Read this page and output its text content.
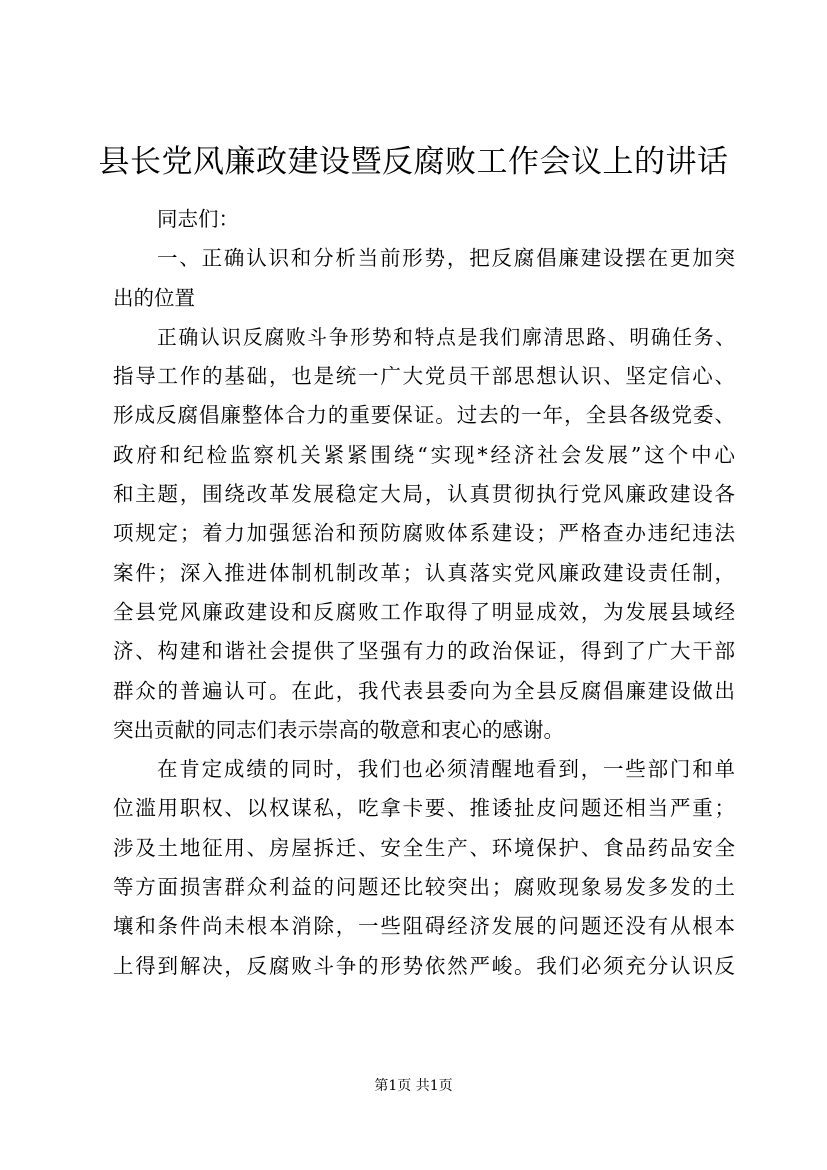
县长党风廉政建设暨反腐败工作会议上的讲话
同志们：
一、正确认识和分析当前形势，把反腐倡廉建设摆在更加突
出的位置
正确认识反腐败斗争形势和特点是我们廓清思路、明确任务、
指导工作的基础，也是统一广大党员干部思想认识、坚定信心、
形成反腐倡廉整体合力的重要保证。过去的一年，全县各级党委、
政府和纪检监察机关紧紧围绕“实现*经济社会发展”这个中心
和主题，围绕改革发展稳定大局，认真贯彻执行党风廉政建设各
项规定；着力加强惩治和预防腐败体系建设；严格查办违纪违法
案件；深入推进体制机制改革；认真落实党风廉政建设责任制，
全县党风廉政建设和反腐败工作取得了明显成效，为发展县域经
济、构建和谐社会提供了坚强有力的政治保证，得到了广大干部
群众的普遍认可。在此，我代表县委向为全县反腐倡廉建设做出
突出贡献的同志们表示崇高的敬意和衷心的感谢。
在肯定成绩的同时，我们也必须清醒地看到，一些部门和单
位滥用职权、以权谋私，吃拿卡要、推诿扯皮问题还相当严重；
涉及土地征用、房屋拆迁、安全生产、环境保护、食品药品安全
等方面损害群众利益的问题还比较突出；腐败现象易发多发的土
壤和条件尚未根本消除，一些阻碍经济发展的问题还没有从根本
上得到解决，反腐败斗争的形势依然严峻。我们必须充分认识反
第1页 共1页
